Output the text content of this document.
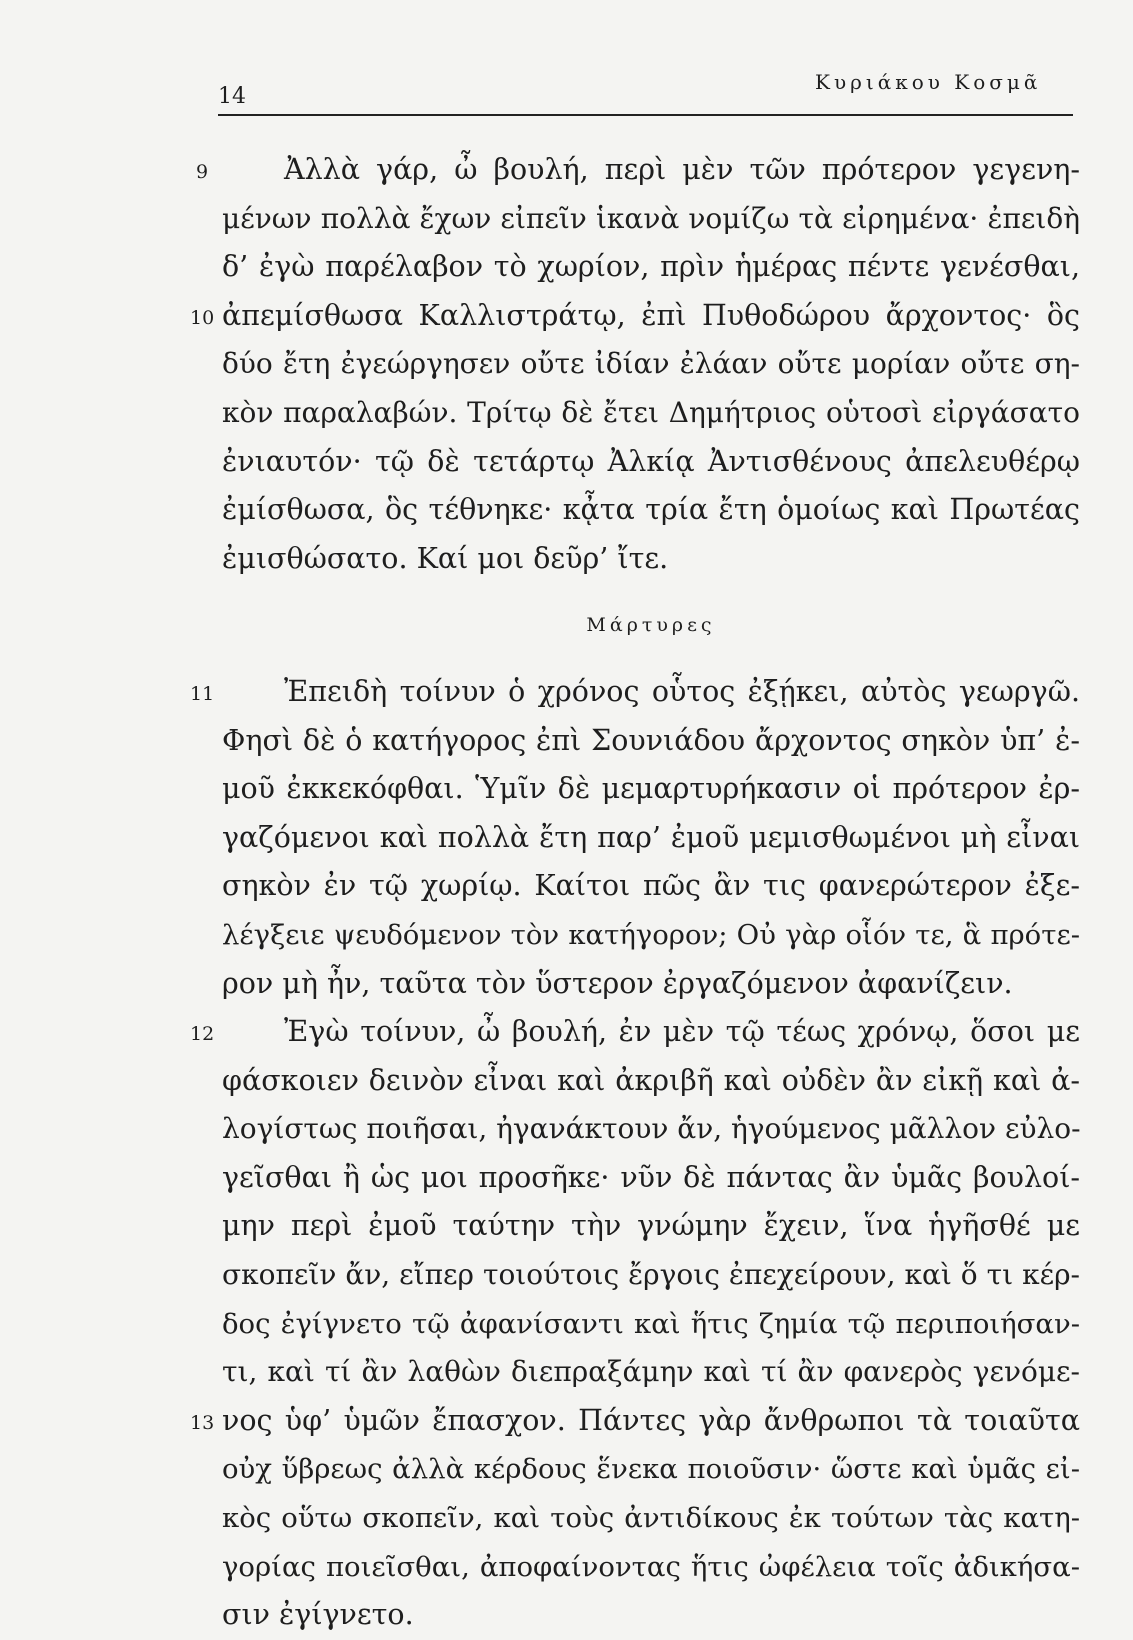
14
Κυριάκου Κοσμᾶ
9	Ἀλλὰ γάρ, ὦ βουλή, περὶ μὲν τῶν πρότερον γεγενη-
μένων πολλὰ ἔχων εἰπεῖν ἱκανὰ νομίζω τὰ εἰρημένα· ἐπειδὴ
δ’ ἐγὼ παρέλαβον τὸ χωρίον, πρὶν ἡμέρας πέντε γενέσθαι,
10 ἀπεμίσθωσα Καλλιστράτῳ, ἐπὶ Πυθοδώρου ἄρχοντος· ὃς
δύο ἔτη ἐγεώργησεν οὔτε ἰδίαν ἐλάαν οὔτε μορίαν οὔτε ση-
κὸν παραλαβών. Τρίτῳ δὲ ἔτει Δημήτριος οὑτοσὶ εἰργάσατο
ἐνιαυτόν· τῷ δὲ τετάρτῳ Ἀλκίᾳ Ἀντισθένους ἀπελευθέρῳ
ἐμίσθωσα, ὃς τέθνηκε· κᾆτα τρία ἔτη ὁμοίως καὶ Πρωτέας
ἐμισθώσατο. Καί μοι δεῦρ’ ἴτε.
Μάρτυρες
11 Ἐπειδὴ τοίνυν ὁ χρόνος οὗτος ἐξῄκει, αὐτὸς γεωργῶ.
Φησὶ δὲ ὁ κατήγορος ἐπὶ Σουνιάδου ἄρχοντος σηκὸν ὑπ’ ἐ-
μοῦ ἐκκεκόφθαι. Ὑμῖν δὲ μεμαρτυρήκασιν οἱ πρότερον ἐρ-
γαζόμενοι καὶ πολλὰ ἔτη παρ’ ἐμοῦ μεμισθωμένοι μὴ εἶναι
σηκὸν ἐν τῷ χωρίῳ. Καίτοι πῶς ἂν τις φανερώτερον ἐξε-
λέγξειε ψευδόμενον τὸν κατήγορον; Οὐ γὰρ οἷόν τε, ἃ πρότε-
ρον μὴ ἦν, ταῦτα τὸν ὕστερον ἐργαζόμενον ἀφανίζειν.
12 Ἐγὼ τοίνυν, ὦ βουλή, ἐν μὲν τῷ τέως χρόνῳ, ὅσοι με
φάσκοιεν δεινὸν εἶναι καὶ ἀκριβῆ καὶ οὐδὲν ἂν εἰκῇ καὶ ἀ-
λογίστως ποιῆσαι, ἠγανάκτουν ἄν, ἡγούμενος μᾶλλον εὐλο-
γεῖσθαι ἢ ὡς μοι προσῆκε· νῦν δὲ πάντας ἂν ὑμᾶς βουλοί-
μην περὶ ἐμοῦ ταύτην τὴν γνώμην ἔχειν, ἵνα ἡγῆσθέ με
σκοπεῖν ἄν, εἴπερ τοιούτοις ἔργοις ἐπεχείρουν, καὶ ὅ τι κέρ-
δος ἐγίγνετο τῷ ἀφανίσαντι καὶ ἥτις ζημία τῷ περιποιήσαν-
τι, καὶ τί ἂν λαθὼν διεπραξάμην καὶ τί ἂν φανερὸς γενόμε-
13 νος ὑφ’ ὑμῶν ἔπασχον. Πάντες γὰρ ἄνθρωποι τὰ τοιαῦτα
οὐχ ὕβρεως ἀλλὰ κέρδους ἕνεκα ποιοῦσιν· ὥστε καὶ ὑμᾶς εἰ-
κὸς οὕτω σκοπεῖν, καὶ τοὺς ἀντιδίκους ἐκ τούτων τὰς κατη-
γορίας ποιεῖσθαι, ἀποφαίνοντας ἥτις ὠφέλεια τοῖς ἀδικήσα-
σιν ἐγίγνετο.
